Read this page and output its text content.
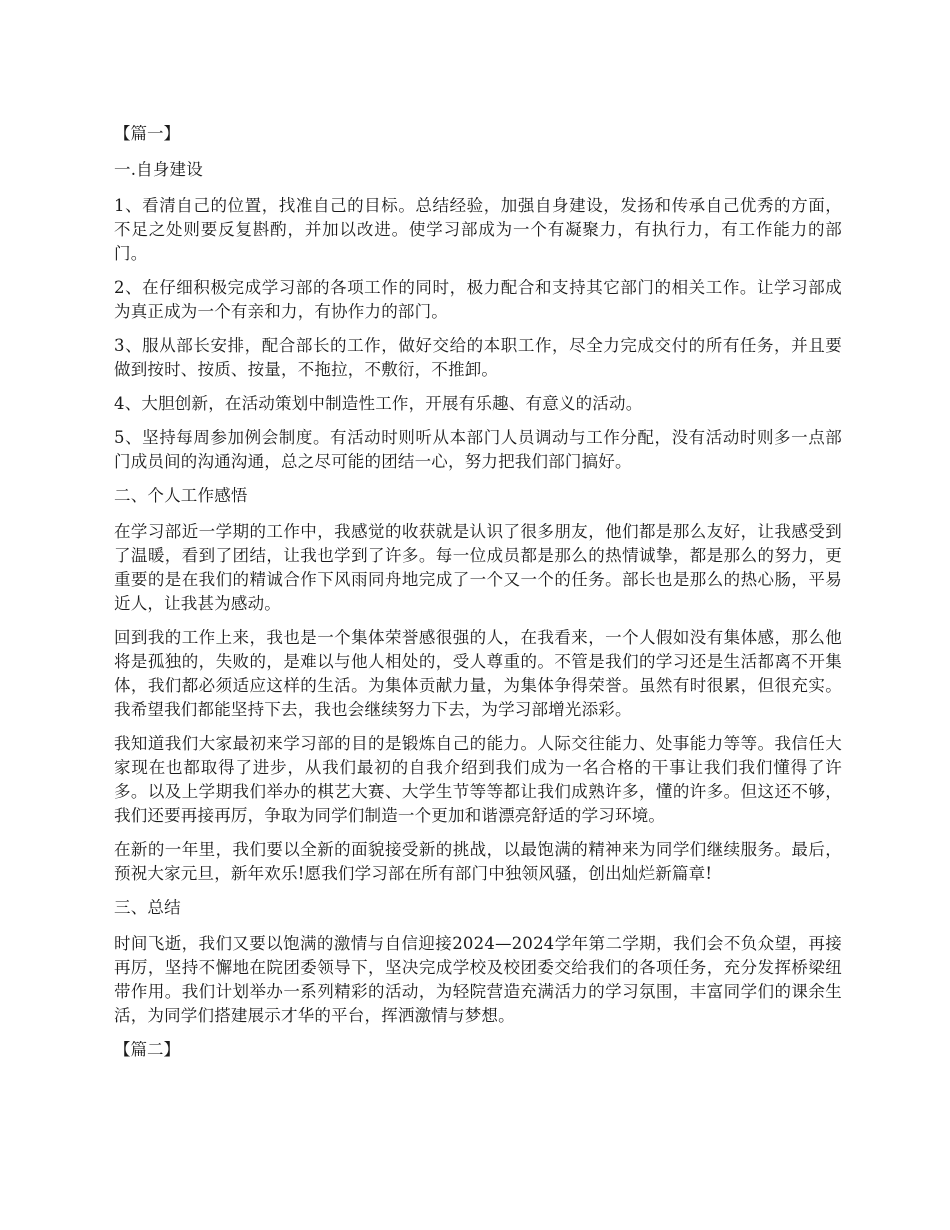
【篇一】

一.自身建设

1、看清自己的位置，找准自己的目标。总结经验，加强自身建设，发扬和传承自己优秀的方面，不足之处则要反复斟酌，并加以改进。使学习部成为一个有凝聚力，有执行力，有工作能力的部门。

2、在仔细积极完成学习部的各项工作的同时，极力配合和支持其它部门的相关工作。让学习部成为真正成为一个有亲和力，有协作力的部门。

3、服从部长安排，配合部长的工作，做好交给的本职工作，尽全力完成交付的所有任务，并且要做到按时、按质、按量，不拖拉，不敷衍，不推卸。

4、大胆创新，在活动策划中制造性工作，开展有乐趣、有意义的活动。

5、坚持每周参加例会制度。有活动时则听从本部门人员调动与工作分配，没有活动时则多一点部门成员间的沟通沟通，总之尽可能的团结一心，努力把我们部门搞好。

二、个人工作感悟

在学习部近一学期的工作中，我感觉的收获就是认识了很多朋友，他们都是那么友好，让我感受到了温暖，看到了团结，让我也学到了许多。每一位成员都是那么的热情诚挚，都是那么的努力，更重要的是在我们的精诚合作下风雨同舟地完成了一个又一个的任务。部长也是那么的热心肠，平易近人，让我甚为感动。

回到我的工作上来，我也是一个集体荣誉感很强的人，在我看来，一个人假如没有集体感，那么他将是孤独的，失败的，是难以与他人相处的，受人尊重的。不管是我们的学习还是生活都离不开集体，我们都必须适应这样的生活。为集体贡献力量，为集体争得荣誉。虽然有时很累，但很充实。我希望我们都能坚持下去，我也会继续努力下去，为学习部增光添彩。

我知道我们大家最初来学习部的目的是锻炼自己的能力。人际交往能力、处事能力等等。我信任大家现在也都取得了进步，从我们最初的自我介绍到我们成为一名合格的干事让我们我们懂得了许多。以及上学期我们举办的棋艺大赛、大学生节等等都让我们成熟许多，懂的许多。但这还不够，我们还要再接再厉，争取为同学们制造一个更加和谐漂亮舒适的学习环境。

在新的一年里，我们要以全新的面貌接受新的挑战，以最饱满的精神来为同学们继续服务。最后，预祝大家元旦，新年欢乐!愿我们学习部在所有部门中独领风骚，创出灿烂新篇章!

三、总结

时间飞逝，我们又要以饱满的激情与自信迎接2024—2024学年第二学期，我们会不负众望，再接再厉，坚持不懈地在院团委领导下，坚决完成学校及校团委交给我们的各项任务，充分发挥桥梁纽带作用。我们计划举办一系列精彩的活动，为轻院营造充满活力的学习氛围，丰富同学们的课余生活，为同学们搭建展示才华的平台，挥洒激情与梦想。

【篇二】
